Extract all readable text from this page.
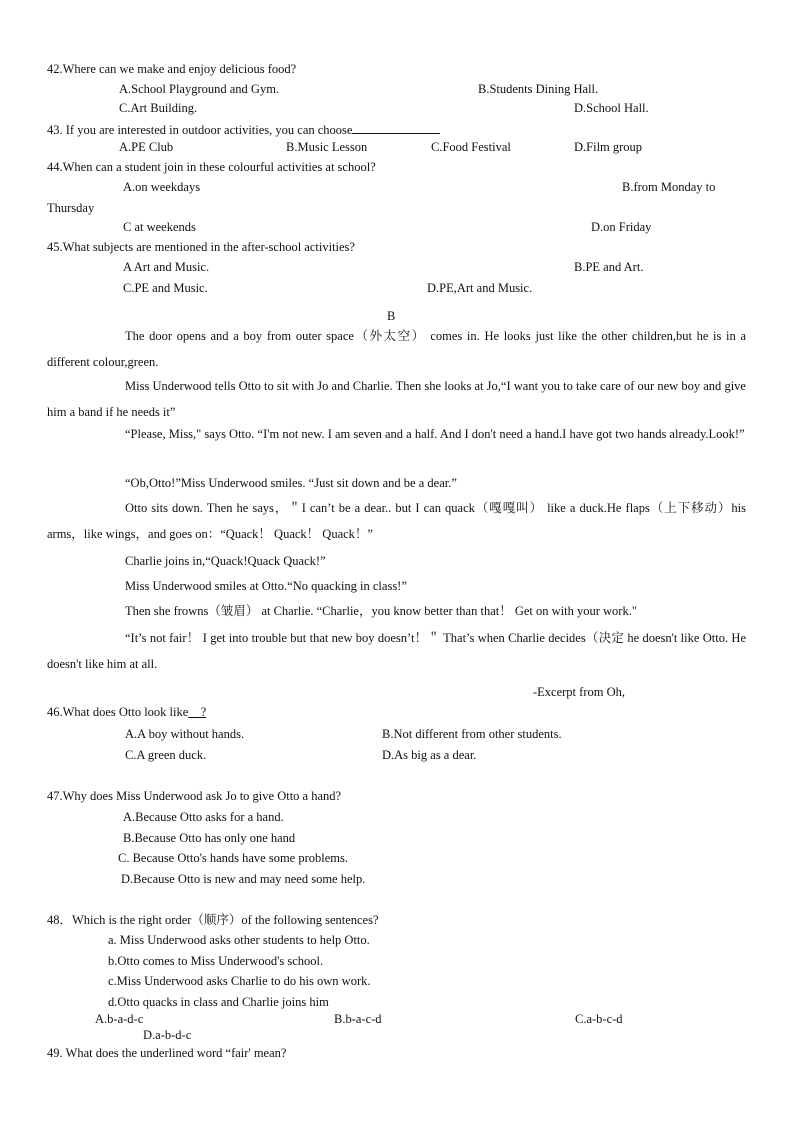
42.Where can we make and enjoy delicious food?
A.School Playground and Gym.	B.Students Dining Hall.
C.Art Building.	D.School Hall.
43. If you are interested in outdoor activities, you can choose
A.PE Club	B.Music Lesson	C.Food Festival	D.Film group
44.When can a student join in these colourful activities at school?
A.on weekdays	B.from Monday to
Thursday
C at weekends	D.on Friday
45.What subjects are mentioned in the after-school activities?
A Art and Music.	B.PE and Art.
C.PE and Music.	D.PE,Art and Music.
B
The door opens and a boy from outer space（外太空） comes in. He looks just like the other children,but he is in a different colour,green.
Miss Underwood tells Otto to sit with Jo and Charlie. Then she looks at Jo,“I want you to take care of our new boy and give him a band if he needs it”
“Please, Miss," says Otto. “I'm not new. I am seven and a half. And I don't need a hand.I have got two hands already.Look!”
“Ob,Otto!”Miss Underwood smiles. “Just sit down and be a dear.”
Otto sits down. Then he says，＂I can’t be a dear.. but I can quack（嘎嘎叫） like a duck.He flaps（上下移动）his arms，like wings，and goes on：“Quack！ Quack！ Quack！”
Charlie joins in,“Quack!Quack Quack!”
Miss Underwood smiles at Otto.“No quacking in class!”
Then she frowns（皱眉） at Charlie. “Charlie，you know better than that！ Get on with your work."
“It’s not fair！ I get into trouble but that new boy doesn’t！＂ That’s when Charlie decides（决定 he doesn't like Otto. He doesn't like him at all.
-Excerpt from Oh,
46.What does Otto look like__?
A.A boy without hands.	B.Not different from other students.
C.A green duck.	D.As big as a dear.
47.Why does Miss Underwood ask Jo to give Otto a hand?
A.Because Otto asks for a hand.
B.Because Otto has only one hand
C. Because Otto's hands have some problems.
D.Because Otto is new and may need some help.
48．Which is the right order（顺序）of the following sentences?
a. Miss Underwood asks other students to help Otto.
b.Otto comes to Miss Underwood's school.
c.Miss Underwood asks Charlie to do his own work.
d.Otto quacks in class and Charlie joins him
A.b-a-d-c	B.b-a-c-d	C.a-b-c-d
D.a-b-d-c
49. What does the underlined word “fair' mean?
